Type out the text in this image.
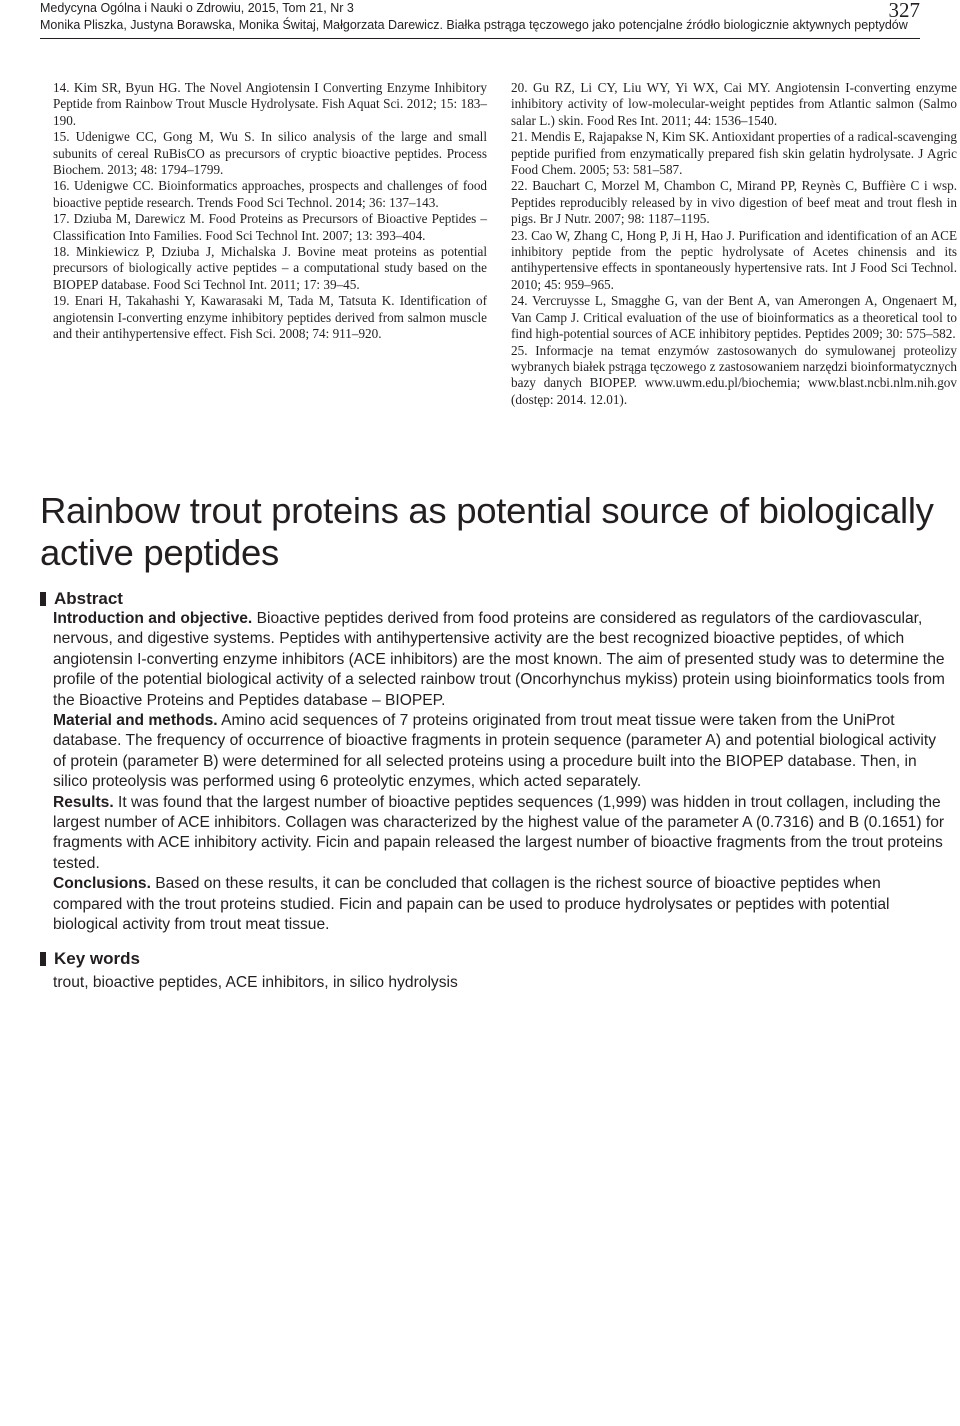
Medycyna Ogólna i Nauki o Zdrowiu, 2015, Tom 21, Nr 3
Monika Pliszka, Justyna Borawska, Monika Świtaj, Małgorzata Darewicz. Białka pstrąga tęczowego jako potencjalne źródło biologicznie aktywnych peptydów
327
14. Kim SR, Byun HG. The Novel Angiotensin I Converting Enzyme Inhibitory Peptide from Rainbow Trout Muscle Hydrolysate. Fish Aquat Sci. 2012; 15: 183–190.
15. Udenigwe CC, Gong M, Wu S. In silico analysis of the large and small subunits of cereal RuBisCO as precursors of cryptic bioactive peptides. Process Biochem. 2013; 48: 1794–1799.
16. Udenigwe CC. Bioinformatics approaches, prospects and challenges of food bioactive peptide research. Trends Food Sci Technol. 2014; 36: 137–143.
17. Dziuba M, Darewicz M. Food Proteins as Precursors of Bioactive Peptides – Classification Into Families. Food Sci Technol Int. 2007; 13: 393–404.
18. Minkiewicz P, Dziuba J, Michalska J. Bovine meat proteins as potential precursors of biologically active peptides – a computational study based on the BIOPEP database. Food Sci Technol Int. 2011; 17: 39–45.
19. Enari H, Takahashi Y, Kawarasaki M, Tada M, Tatsuta K. Identification of angiotensin I-converting enzyme inhibitory peptides derived from salmon muscle and their antihypertensive effect. Fish Sci. 2008; 74: 911–920.
20. Gu RZ, Li CY, Liu WY, Yi WX, Cai MY. Angiotensin I-converting enzyme inhibitory activity of low-molecular-weight peptides from Atlantic salmon (Salmo salar L.) skin. Food Res Int. 2011; 44: 1536–1540.
21. Mendis E, Rajapakse N, Kim SK. Antioxidant properties of a radical-scavenging peptide purified from enzymatically prepared fish skin gelatin hydrolysate. J Agric Food Chem. 2005; 53: 581–587.
22. Bauchart C, Morzel M, Chambon C, Mirand PP, Reynès C, Buffière C i wsp. Peptides reproducibly released by in vivo digestion of beef meat and trout flesh in pigs. Br J Nutr. 2007; 98: 1187–1195.
23. Cao W, Zhang C, Hong P, Ji H, Hao J. Purification and identification of an ACE inhibitory peptide from the peptic hydrolysate of Acetes chinensis and its antihypertensive effects in spontaneously hypertensive rats. Int J Food Sci Technol. 2010; 45: 959–965.
24. Vercruysse L, Smagghe G, van der Bent A, van Amerongen A, Ongenaert M, Van Camp J. Critical evaluation of the use of bioinformatics as a theoretical tool to find high-potential sources of ACE inhibitory peptides. Peptides 2009; 30: 575–582.
25. Informacje na temat enzymów zastosowanych do symulowanej proteolizy wybranych białek pstrąga tęczowego z zastosowaniem narzędzi bioinformatycznych bazy danych BIOPEP. www.uwm.edu.pl/biochemia; www.blast.ncbi.nlm.nih.gov (dostęp: 2014. 12.01).
Rainbow trout proteins as potential source of biologically active peptides
Abstract

Introduction and objective. Bioactive peptides derived from food proteins are considered as regulators of the cardiovascular, nervous, and digestive systems. Peptides with antihypertensive activity are the best recognized bioactive peptides, of which angiotensin I-converting enzyme inhibitors (ACE inhibitors) are the most known. The aim of presented study was to determine the profile of the potential biological activity of a selected rainbow trout (Oncorhynchus mykiss) protein using bioinformatics tools from the Bioactive Proteins and Peptides database – BIOPEP.

Material and methods. Amino acid sequences of 7 proteins originated from trout meat tissue were taken from the UniProt database. The frequency of occurrence of bioactive fragments in protein sequence (parameter A) and potential biological activity of protein (parameter B) were determined for all selected proteins using a procedure built into the BIOPEP database. Then, in silico proteolysis was performed using 6 proteolytic enzymes, which acted separately.

Results. It was found that the largest number of bioactive peptides sequences (1,999) was hidden in trout collagen, including the largest number of ACE inhibitors. Collagen was characterized by the highest value of the parameter A (0.7316) and B (0.1651) for fragments with ACE inhibitory activity. Ficin and papain released the largest number of bioactive fragments from the trout proteins tested.

Conclusions. Based on these results, it can be concluded that collagen is the richest source of bioactive peptides when compared with the trout proteins studied. Ficin and papain can be used to produce hydrolysates or peptides with potential biological activity from trout meat tissue.

Key words
trout, bioactive peptides, ACE inhibitors, in silico hydrolysis
